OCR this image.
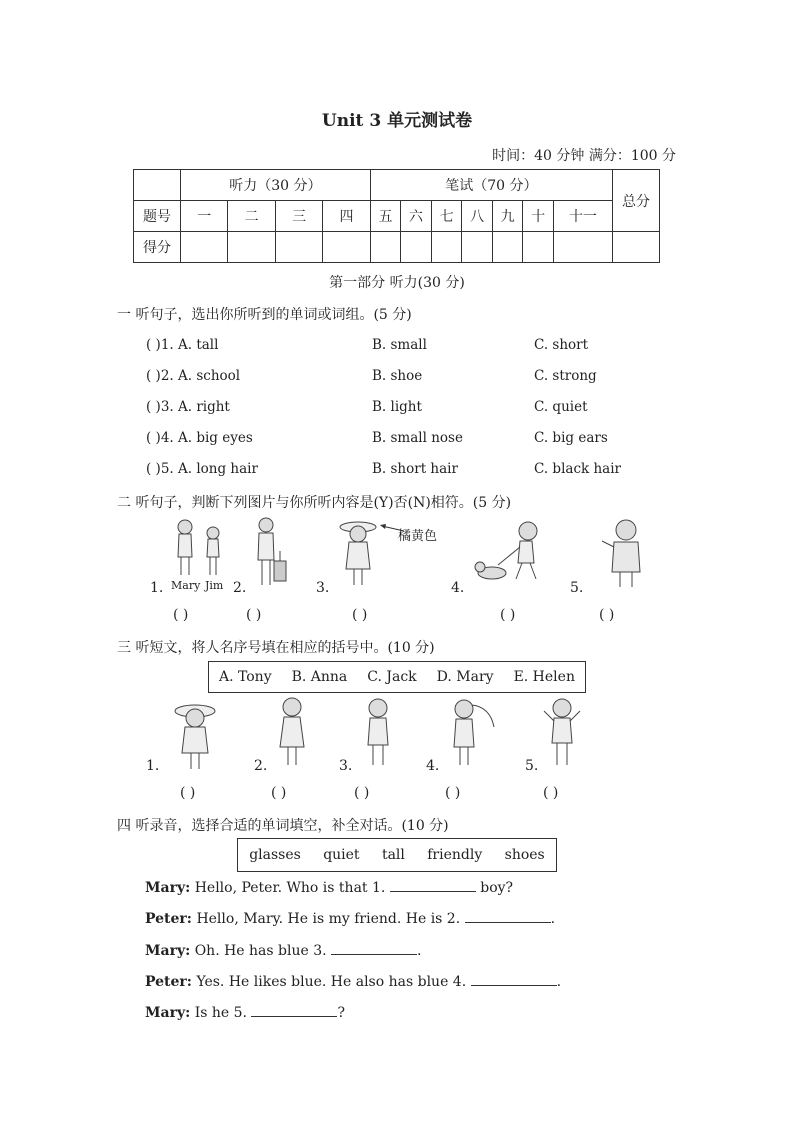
Unit 3 单元测试卷
时间：40 分钟 满分：100 分
	听力（30 分）				笔试（70 分）							总分
题号	一	二	三	四	五	六	七	八	九	十	十一	
得分												
第一部分 听力(30 分)
一 听句子，选出你所听到的单词或词组。(5 分)
( )1. A. tall	B. small	C. short
( )2. A. school	B. shoe	C. strong
( )3. A. right	B. light	C. quiet
( )4. A. big eyes	B. small nose	C. big ears
( )5. A. long hair	B. short hair	C. black hair
二 听句子，判断下列图片与你所听内容是(Y)否(N)相符。(5 分)
Mary Jim
橘黄色
1.	2.	3.	4.	5.
( )	( )	( )	( )	( )
三 听短文，将人名序号填在相应的括号中。(10 分)
A. Tony B. Anna C. Jack D. Mary E. Helen
1.	2.	3.	4.	5.
( )	( )	( )	( )	( )
四 听录音，选择合适的单词填空，补全对话。(10 分)
glasses quiet tall friendly shoes
Mary: Hello, Peter. Who is that 1.	boy?
Peter: Hello, Mary. He is my friend. He is 2.	.
Mary: Oh. He has blue 3.	.
Peter: Yes. He likes blue. He also has blue 4.	.
Mary: Is he 5.	?
